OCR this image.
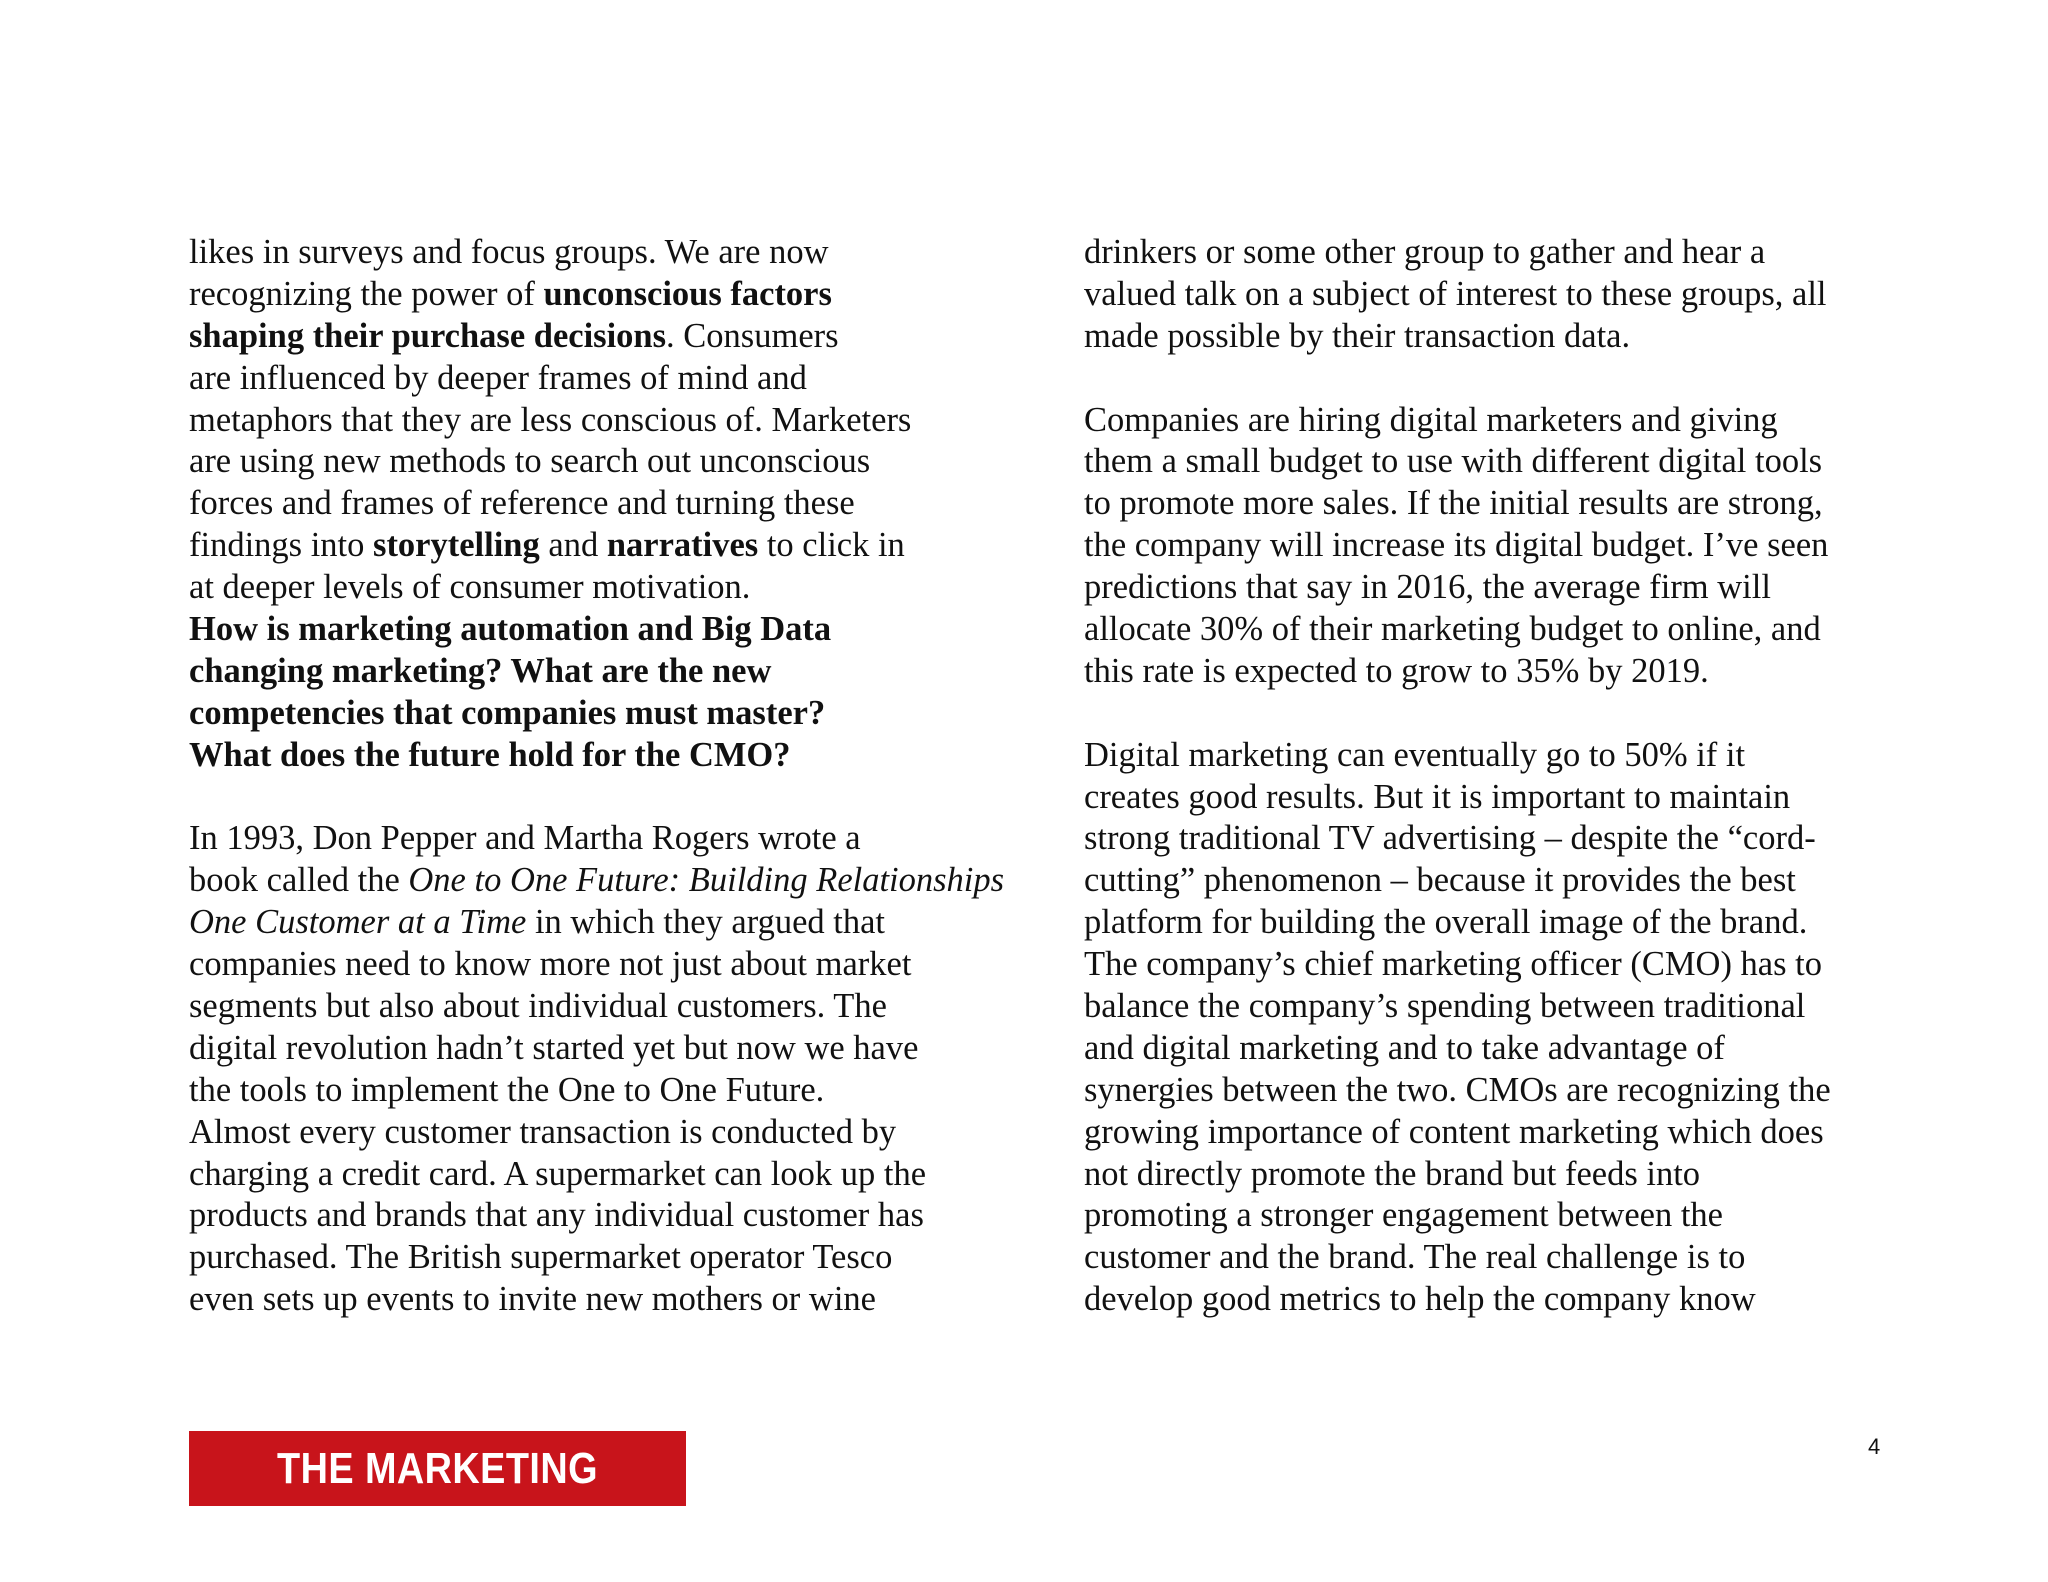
likes in surveys and focus groups. We are now
recognizing the power of unconscious factors
shaping their purchase decisions. Consumers
are influenced by deeper frames of mind and
metaphors that they are less conscious of. Marketers
are using new methods to search out unconscious
forces and frames of reference and turning these
findings into storytelling and narratives to click in
at deeper levels of consumer motivation.
How is marketing automation and Big Data
changing marketing? What are the new
competencies that companies must master?
What does the future hold for the CMO?
In 1993, Don Pepper and Martha Rogers wrote a
book called the One to One Future: Building Relationships
One Customer at a Time in which they argued that
companies need to know more not just about market
segments but also about individual customers. The
digital revolution hadn’t started yet but now we have
the tools to implement the One to One Future.
Almost every customer transaction is conducted by
charging a credit card. A supermarket can look up the
products and brands that any individual customer has
purchased. The British supermarket operator Tesco
even sets up events to invite new mothers or wine
drinkers or some other group to gather and hear a
valued talk on a subject of interest to these groups, all
made possible by their transaction data.
Companies are hiring digital marketers and giving
them a small budget to use with different digital tools
to promote more sales. If the initial results are strong,
the company will increase its digital budget. I’ve seen
predictions that say in 2016, the average firm will
allocate 30% of their marketing budget to online, and
this rate is expected to grow to 35% by 2019.
Digital marketing can eventually go to 50% if it
creates good results. But it is important to maintain
strong traditional TV advertising – despite the “cord-
cutting” phenomenon – because it provides the best
platform for building the overall image of the brand.
The company’s chief marketing officer (CMO) has to
balance the company’s spending between traditional
and digital marketing and to take advantage of
synergies between the two. CMOs are recognizing the
growing importance of content marketing which does
not directly promote the brand but feeds into
promoting a stronger engagement between the
customer and the brand. The real challenge is to
develop good metrics to help the company know
THE MARKETING JOURNAL
4
